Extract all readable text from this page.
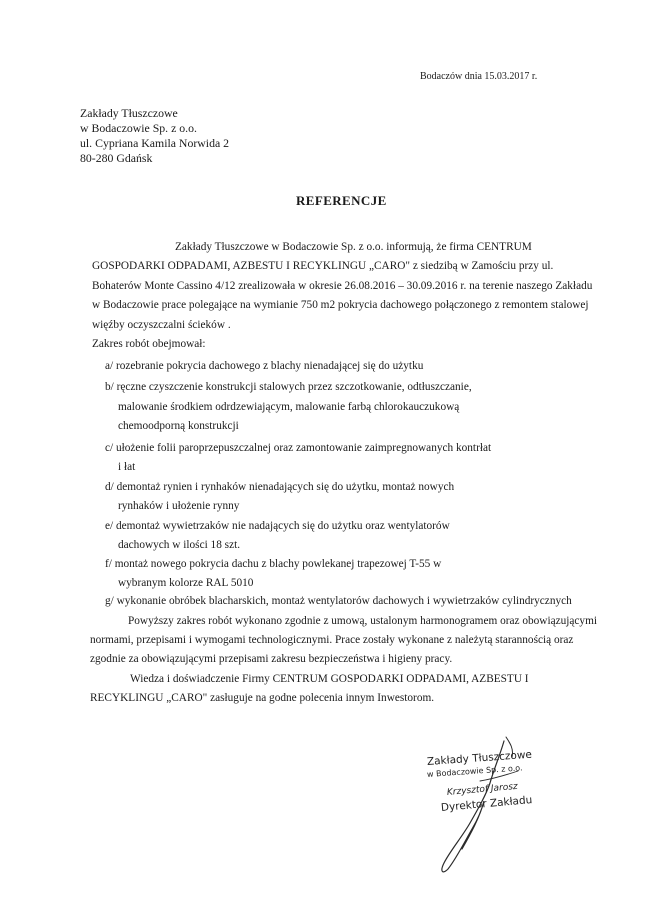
Bodaczów dnia 15.03.2017 r.
Zakłady Tłuszczowe
w Bodaczowie Sp. z o.o.
ul. Cypriana Kamila Norwida 2
80-280 Gdańsk
REFERENCJE
Zakłady Tłuszczowe w Bodaczowie Sp. z o.o. informują, że firma CENTRUM
GOSPODARKI ODPADAMI, AZBESTU I RECYKLINGU „CARO" z siedzibą w Zamościu przy ul.
Bohaterów Monte Cassino 4/12 zrealizowała w okresie 26.08.2016 – 30.09.2016 r. na terenie naszego Zakładu
w Bodaczowie prace polegające na wymianie 750 m2 pokrycia dachowego połączonego z remontem stalowej
więźby oczyszczalni ścieków .
Zakres robót obejmował:
a/ rozebranie pokrycia dachowego z blachy nienadającej się do użytku
b/ ręczne czyszczenie konstrukcji stalowych przez szczotkowanie, odtłuszczanie,
malowanie środkiem odrdzewiającym, malowanie farbą chlorokauczukową
chemoodporną konstrukcji
c/ ułożenie folii paroprzepuszczalnej oraz zamontowanie zaimpregnowanych kontrłat
i łat
d/ demontaż rynien i rynhaków nienadających się do użytku, montaż nowych
rynhaków i ułożenie rynny
e/ demontaż wywietrzaków nie nadających się do użytku oraz wentylatorów
dachowych w ilości 18 szt.
f/ montaż nowego pokrycia dachu z blachy powlekanej trapezowej T-55 w
wybranym kolorze RAL 5010
g/ wykonanie obróbek blacharskich, montaż wentylatorów dachowych i wywietrzaków cylindrycznych
Powyższy zakres robót wykonano zgodnie z umową, ustalonym harmonogramem oraz obowiązującymi
normami, przepisami i wymogami technologicznymi. Prace zostały wykonane z należytą starannością oraz
zgodnie za obowiązującymi przepisami zakresu bezpieczeństwa i higieny pracy.
Wiedza i doświadczenie Firmy CENTRUM GOSPODARKI ODPADAMI, AZBESTU I
RECYKLINGU „CARO" zasługuje na godne polecenia innym Inwestorom.
Zakłady Tłuszczowe
w Bodaczowie Sp. z o.o.
Krzysztof Jarosz
Dyrektor Zakładu
